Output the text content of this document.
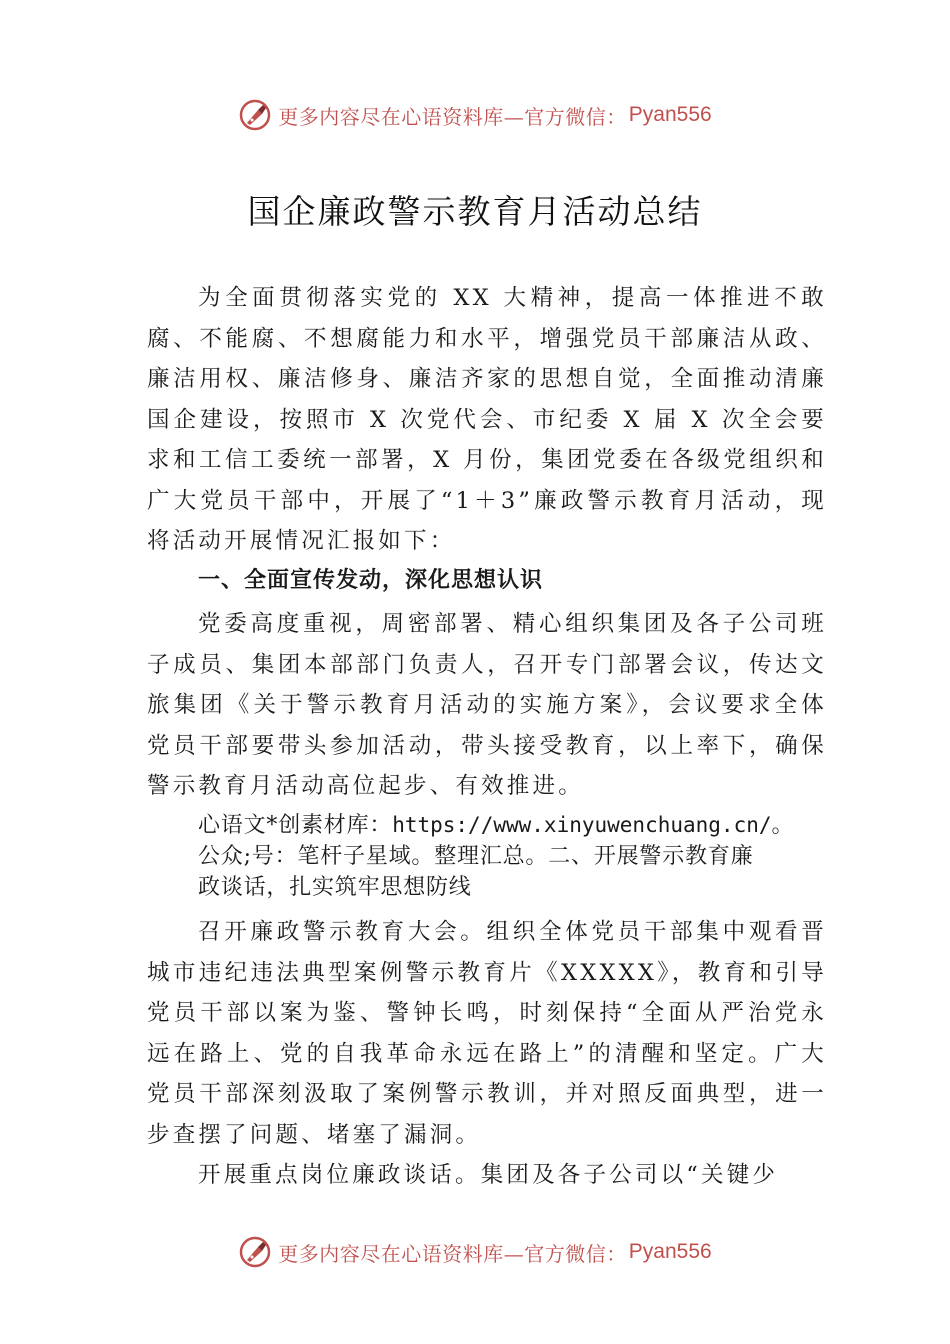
更多内容尽在心语资料库—官方微信： Pyan556
国企廉政警示教育月活动总结

为全面贯彻落实党的 XX 大精神，提高一体推进不敢腐、不能腐、不想腐能力和水平，增强党员干部廉洁从政、廉洁用权、廉洁修身、廉洁齐家的思想自觉，全面推动清廉国企建设，按照市 X 次党代会、市纪委 X 届 X 次全会要求和工信工委统一部署，X 月份，集团党委在各级党组织和广大党员干部中，开展了“1＋3”廉政警示教育月活动，现将活动开展情况汇报如下：

一、全面宣传发动，深化思想认识

党委高度重视，周密部署、精心组织集团及各子公司班子成员、集团本部部门负责人，召开专门部署会议，传达文 旅集团《关于警示教育月活动的实施方案》，会议要求全体党员干部要带头参加活动，带头接受教育，以上率下，确保警示教育月活动高位起步、有效推进。

心语文*创素材库：https://www.xinyuwenchuang.cn/。
公众;号：笔杆子星域。整理汇总。二、开展警示教育廉
政谈话，扎实筑牢思想防线

召开廉政警示教育大会。组织全体党员干部集中观看晋城市违纪违法典型案例警示教育片《XXXXX》，教育和引导党员干部以案为鉴、警钟长鸣，时刻保持“全面从严治党永远在路上、党的自我革命永远在路上”的清醒和坚定。广大党员干部深刻汲取了案例警示教训，并对照反面典型，进一步查摆了问题、堵塞了漏洞。

开展重点岗位廉政谈话。集团及各子公司以“关键少

更多内容尽在心语资料库—官方微信： Pyan556
